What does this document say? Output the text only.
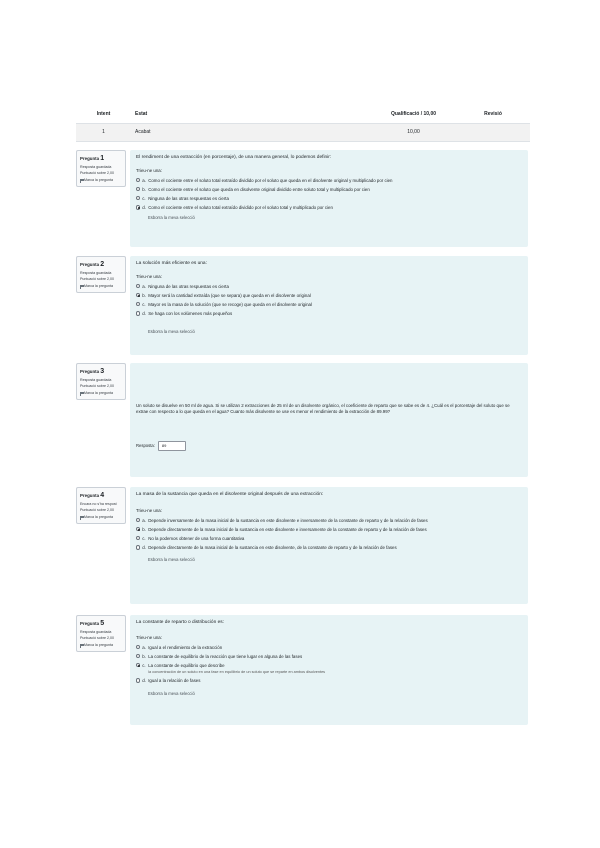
Intent	Estat	Qualificació / 10,00	Revisió
1	Acabat	10,00
Pregunta 1
Resposta guardada
Puntuació sobre 2,00
Marca la pregunta
El rendiment de una extracción (en porcentaje), de una manera general, lo podemos definir:
Trieu-ne una:
a. Como el cociente entre el soluto total extraído dividido por el soluto que queda en el disolvente original y multiplicado por cien
b. Como el cociente entre el soluto que queda en disolvente original dividido entre soluto total y multiplicado por cien
c. Ninguna de las otras respuestas es cierta
d. Como el cociente entre el soluto total extraído dividido por el soluto total y multiplicado por cien
Esborra la meva selecció
Pregunta 2
Resposta guardada
Puntuació sobre 2,00
Marca la pregunta
La solución más eficiente es una:
Trieu-ne una:
a. Ninguna de las otras respuestas es cierta
b. Mayor será la cantidad extraída (que se separa) que queda en el disolvente original
c. Mayor es la masa de la solución (que se recoge) que queda en el disolvente original
d. Se haga con los volúmenes más pequeños
Esborra la meva selecció
Pregunta 3
Resposta guardada
Puntuació sobre 2,00
Marca la pregunta
Un soluto se disuelve en 50 ml de agua. Si se utilizan 2 extracciones de 25 ml de un disolvente orgánico, el coeficiente de reparto que se sabe es de 4. ¿Cuál es el porcentaje del soluto que se extrae con respecto a lo que queda en el agua? Cuanto más disolvente se use es menor el rendimiento de la extracción de 89.99?
Resposta:	89
Pregunta 4
Encara no s'ha respost
Puntuació sobre 2,00
Marca la pregunta
La masa de la sustancia que queda en el disolvente original después de una extracción:
Trieu-ne una:
a. Depende inversamente de la masa inicial de la sustancia en este disolvente e inversamente de la constante de reparto y de la relación de fases
b. Depende directamente de la masa inicial de la sustancia en este disolvente e inversamente de la constante de reparto y de la relación de fases
c. No la podemos obtener de una forma cuantitativa
d. Depende directamente de la masa inicial de la sustancia en este disolvente, de la constante de reparto y de la relación de fases
Esborra la meva selecció
Pregunta 5
Resposta guardada
Puntuació sobre 2,00
Marca la pregunta
La constante de reparto o distribución es:
Trieu-ne una:
a. Igual a el rendimiento de la extracción
b. La constante de equilibrio de la reacción que tiene lugar en alguna de las fases
c. La constante de equilibrio que describe
la concentración de un soluto en una fase en equilibrio de un soluto que se reparte en ambos disolventes
d. Igual a la relación de fases
Esborra la meva selecció
